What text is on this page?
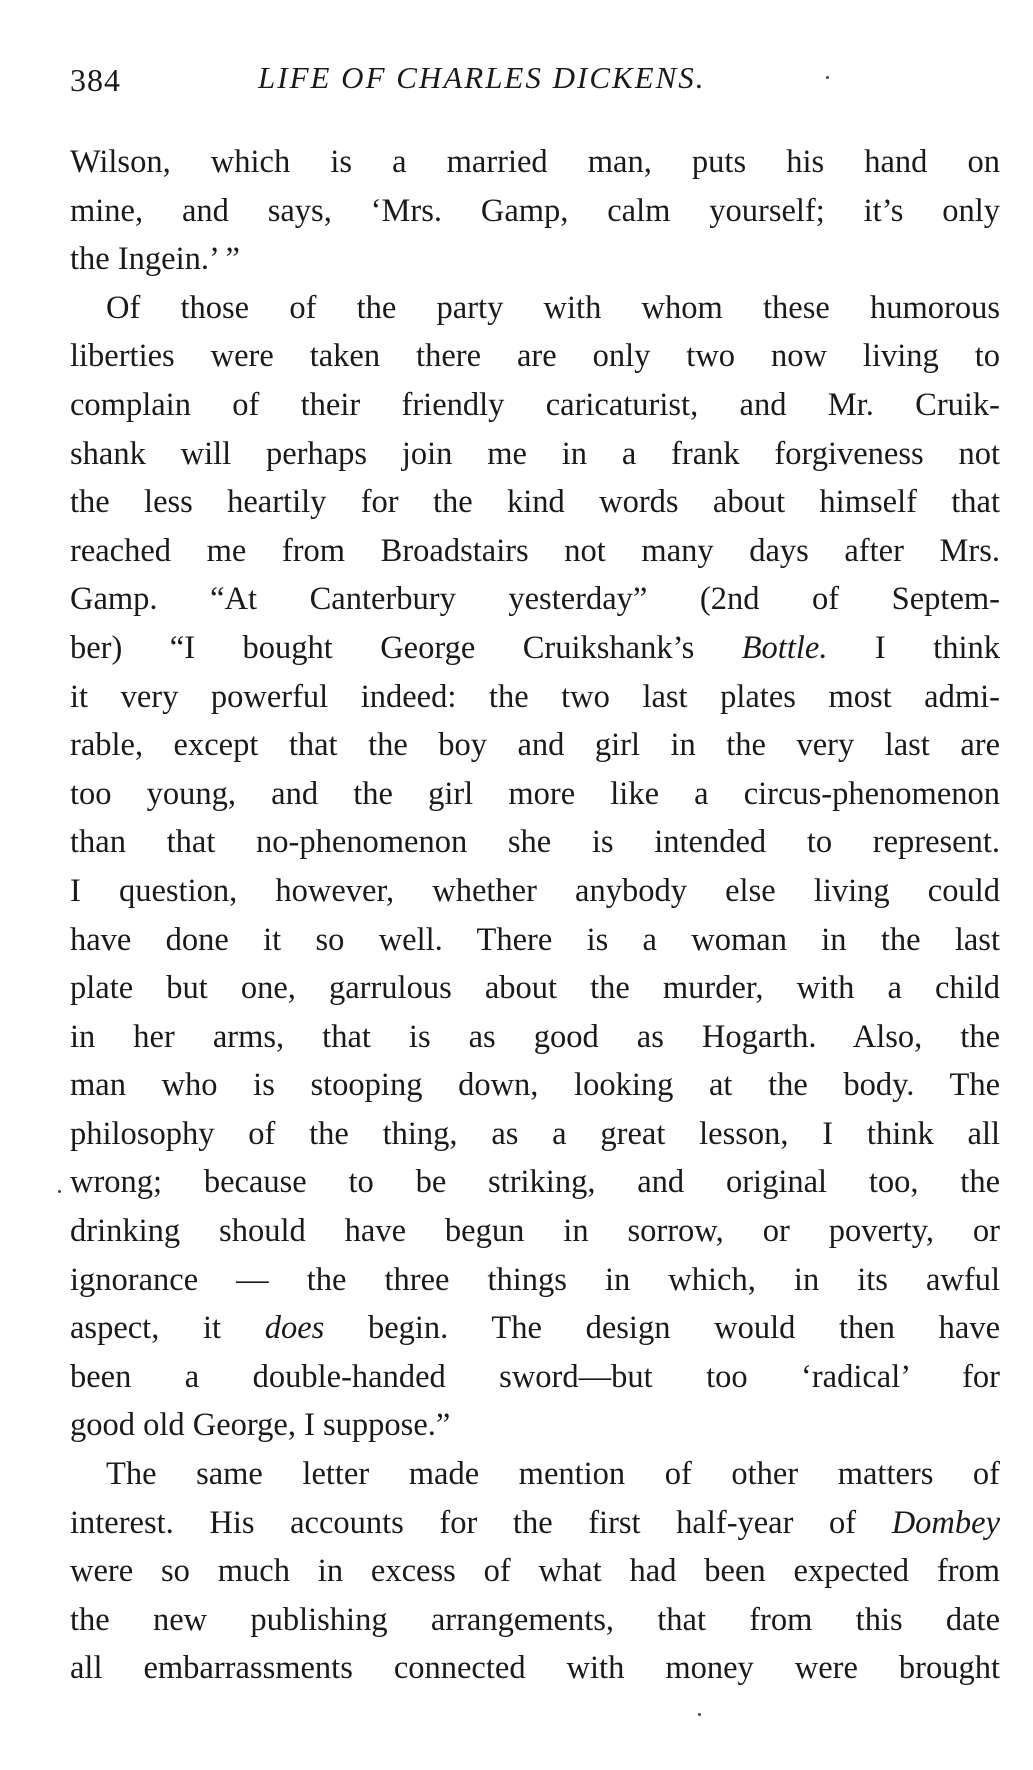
384	LIFE OF CHARLES DICKENS.
Wilson, which is a married man, puts his hand on
mine, and says, ‘Mrs. Gamp, calm yourself; it’s only
the Ingein.’ ”
Of those of the party with whom these humorous
liberties were taken there are only two now living to
complain of their friendly caricaturist, and Mr. Cruik-
shank will perhaps join me in a frank forgiveness not
the less heartily for the kind words about himself that
reached me from Broadstairs not many days after Mrs.
Gamp. “At Canterbury yesterday” (2nd of Septem-
ber) “I bought George Cruikshank’s Bottle. I think
it very powerful indeed: the two last plates most admi-
rable, except that the boy and girl in the very last are
too young, and the girl more like a circus-phenomenon
than that no-phenomenon she is intended to represent.
I question, however, whether anybody else living could
have done it so well. There is a woman in the last
plate but one, garrulous about the murder, with a child
in her arms, that is as good as Hogarth. Also, the
man who is stooping down, looking at the body. The
philosophy of the thing, as a great lesson, I think all
wrong; because to be striking, and original too, the
drinking should have begun in sorrow, or poverty, or
ignorance — the three things in which, in its awful
aspect, it does begin. The design would then have
been a double-handed sword—but too ‘radical’ for
good old George, I suppose.”
The same letter made mention of other matters of
interest. His accounts for the first half-year of Dombey
were so much in excess of what had been expected from
the new publishing arrangements, that from this date
all embarrassments connected with money were brought
